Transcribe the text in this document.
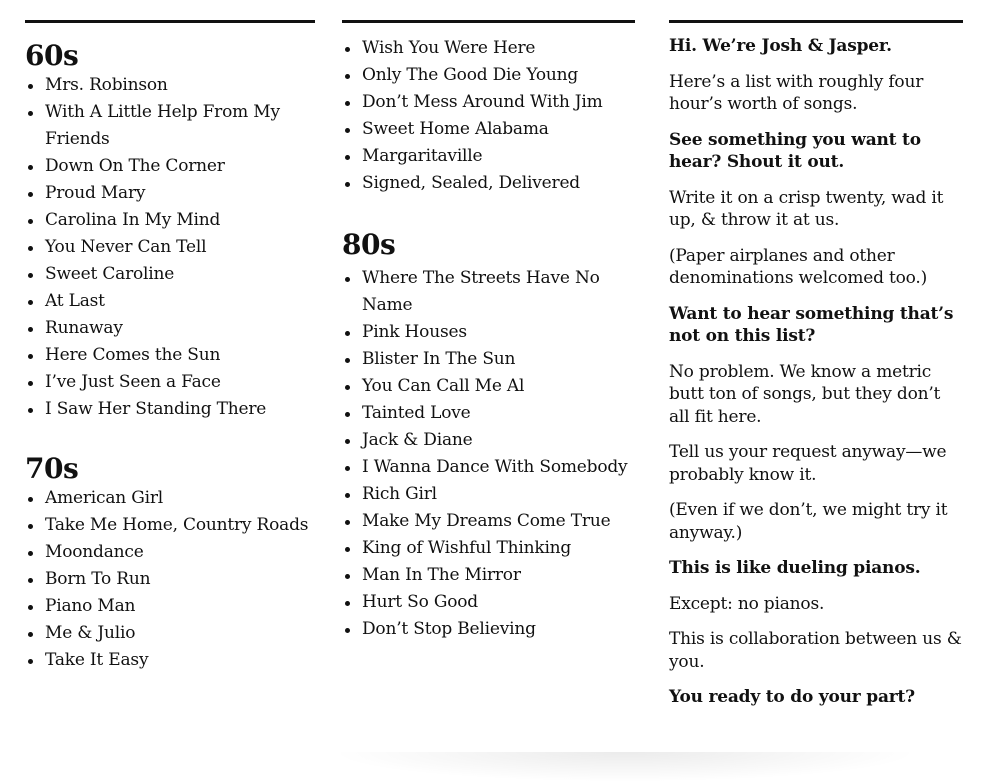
60s
Mrs. Robinson
With A Little Help From My Friends
Down On The Corner
Proud Mary
Carolina In My Mind
You Never Can Tell
Sweet Caroline
At Last
Runaway
Here Comes the Sun
I’ve Just Seen a Face
I Saw Her Standing There
70s
American Girl
Take Me Home, Country Roads
Moondance
Born To Run
Piano Man
Me & Julio
Take It Easy
Wish You Were Here
Only The Good Die Young
Don’t Mess Around With Jim
Sweet Home Alabama
Margaritaville
Signed, Sealed, Delivered
80s
Where The Streets Have No Name
Pink Houses
Blister In The Sun
You Can Call Me Al
Tainted Love
Jack & Diane
I Wanna Dance With Somebody
Rich Girl
Make My Dreams Come True
King of Wishful Thinking
Man In The Mirror
Hurt So Good
Don’t Stop Believing

Hi. We’re Josh & Jasper.

Here’s a list with roughly four hour’s worth of songs.

See something you want to hear? Shout it out.

Write it on a crisp twenty, wad it up, & throw it at us.

(Paper airplanes and other denominations welcomed too.)

Want to hear something that’s not on this list?

No problem. We know a metric butt ton of songs, but they don’t all fit here.

Tell us your request anyway—we probably know it.

(Even if we don’t, we might try it anyway.)

This is like dueling pianos.

Except: no pianos.

This is collaboration between us & you.

You ready to do your part?
